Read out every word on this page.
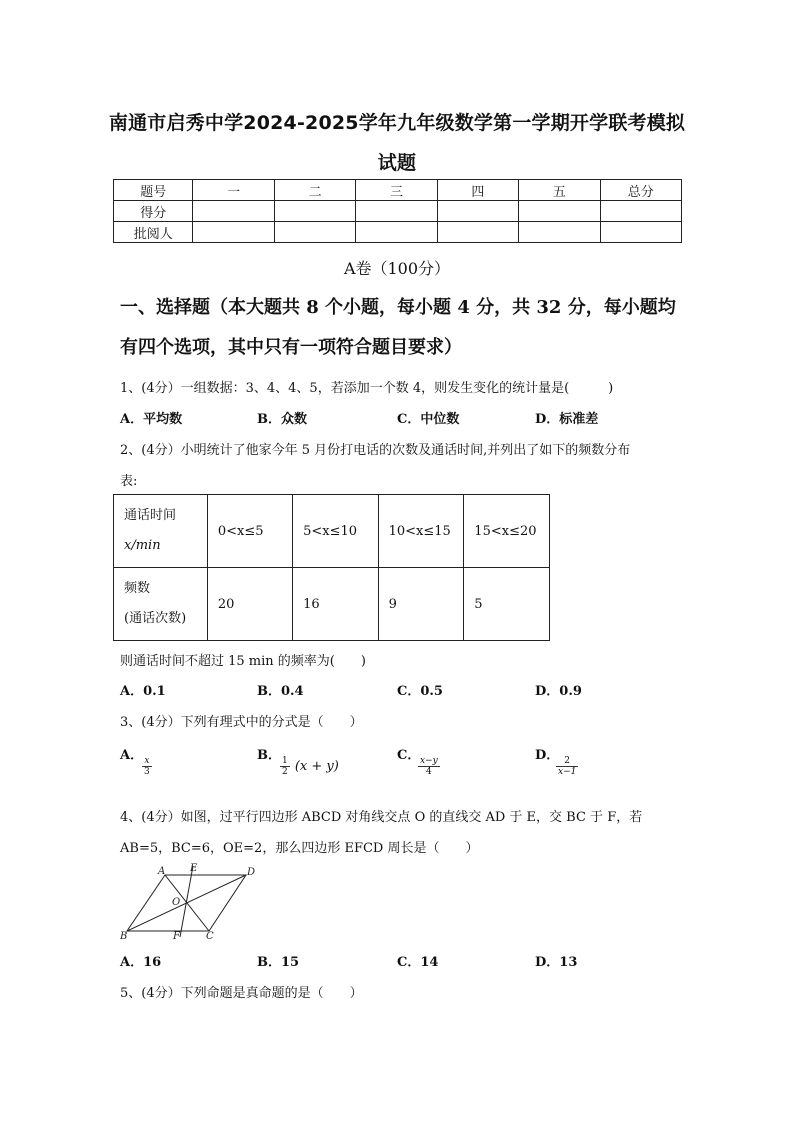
南通市启秀中学2024-2025学年九年级数学第一学期开学联考模拟
试题
题号	一	二	三	四	五	总分
得分						
批阅人						
A卷（100分）
一、选择题（本大题共 8 个小题，每小题 4 分，共 32 分，每小题均
有四个选项，其中只有一项符合题目要求）
1、(4分）一组数据：3、4、4、5，若添加一个数 4，则发生变化的统计量是(　　　)
A．平均数	B．众数	C．中位数	D．标准差
2、(4分）小明统计了他家今年 5 月份打电话的次数及通话时间,并列出了如下的频数分布
表:
通话时间
x/min	0<x≤5	5<x≤10	10<x≤15	15<x≤20

频数
(通话次数)	20	16	9	5
则通话时间不超过 15 min 的频率为(　　)
A．0.1	B．0.4	C．0.5	D．0.9
3、(4分）下列有理式中的分式是（　　）
A．
$\frac{x}{3}$
B．
$\frac{1}{2} (x + y)$
C．
$\frac{x-y}{4}$
D．
$\frac{2}{x-1}$
4、(4分）如图，过平行四边形 ABCD 对角线交点 O 的直线交 AD 于 E，交 BC 于 F，若
AB=5，BC=6，OE=2，那么四边形 EFCD 周长是（　　）
A E	D
O
B	F	C
A．16	B．15	C．14	D．13
5、(4分）下列命题是真命题的是（　　）
